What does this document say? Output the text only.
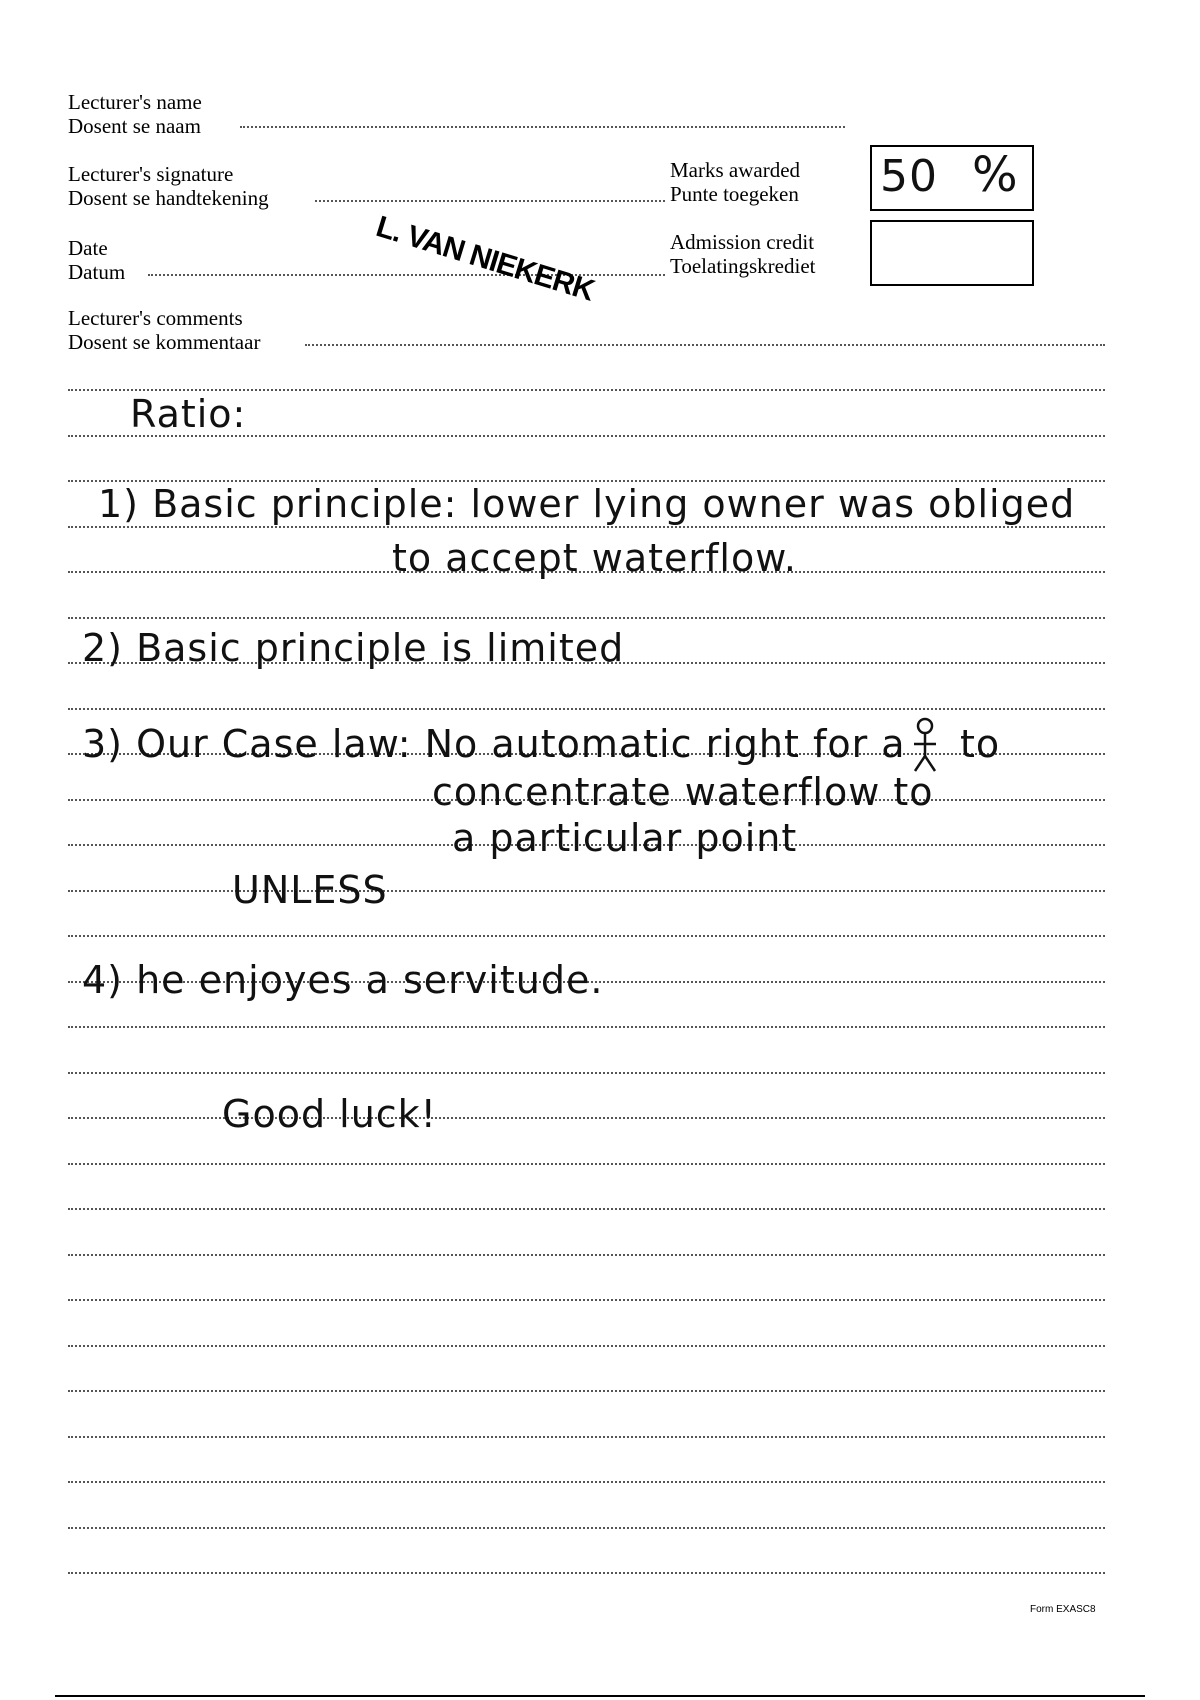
Lecturer's name
Dosent se naam
Lecturer's signature
Dosent se handtekening
Date
Datum
Lecturer's comments
Dosent se kommentaar
Marks awarded
Punte toegeken 50 %
Admission credit
Toelatingskrediet
L. VAN NIEKERK
Ratio:
1) Basic principle: lower lying owner was obliged
to accept waterflow.
2) Basic principle is limited
3) Our Case law: No automatic right for a to
concentrate waterflow to
a particular point
UNLESS
4) he enjoyes a servitude.
Good luck!
Form EXASC8
